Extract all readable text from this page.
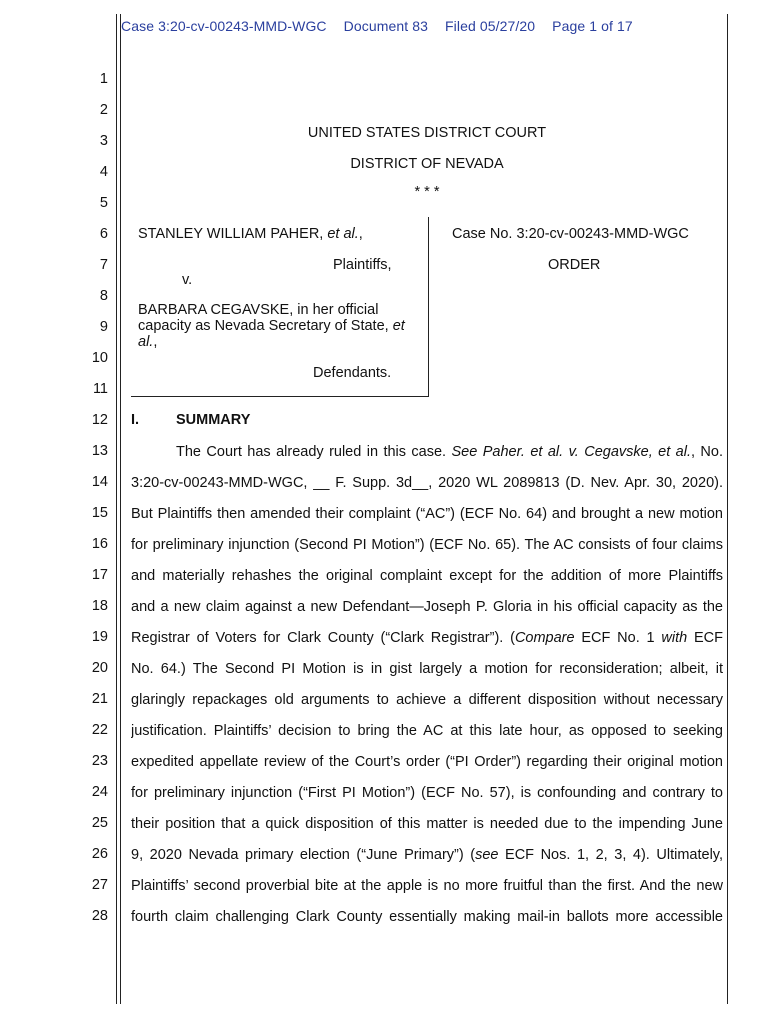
Case 3:20-cv-00243-MMD-WGC Document 83 Filed 05/27/20 Page 1 of 17
1
2
3
4
5
6
7
8
9
10
11
12
13
14
15
16
17
18
19
20
21
22
23
24
25
26
27
28
UNITED STATES DISTRICT COURT
DISTRICT OF NEVADA
* * *
STANLEY WILLIAM PAHER, et al.,
Plaintiffs,
v.
BARBARA CEGAVSKE, in her official
capacity as Nevada Secretary of State, et
al.,
Defendants.
Case No. 3:20-cv-00243-MMD-WGC
ORDER
I.	SUMMARY
The Court has already ruled in this case. See Paher. et al. v. Cegavske, et al., No.
3:20-cv-00243-MMD-WGC, __ F. Supp. 3d__, 2020 WL 2089813 (D. Nev. Apr. 30, 2020).
But Plaintiffs then amended their complaint (“AC”) (ECF No. 64) and brought a new motion
for preliminary injunction (Second PI Motion”) (ECF No. 65). The AC consists of four claims
and materially rehashes the original complaint except for the addition of more Plaintiffs
and a new claim against a new Defendant—Joseph P. Gloria in his official capacity as the
Registrar of Voters for Clark County (“Clark Registrar”). (Compare ECF No. 1 with ECF
No. 64.) The Second PI Motion is in gist largely a motion for reconsideration; albeit, it
glaringly repackages old arguments to achieve a different disposition without necessary
justification. Plaintiffs’ decision to bring the AC at this late hour, as opposed to seeking
expedited appellate review of the Court’s order (“PI Order”) regarding their original motion
for preliminary injunction (“First PI Motion”) (ECF No. 57), is confounding and contrary to
their position that a quick disposition of this matter is needed due to the impending June
9, 2020 Nevada primary election (“June Primary”) (see ECF Nos. 1, 2, 3, 4). Ultimately,
Plaintiffs’ second proverbial bite at the apple is no more fruitful than the first. And the new
fourth claim challenging Clark County essentially making mail-in ballots more accessible
